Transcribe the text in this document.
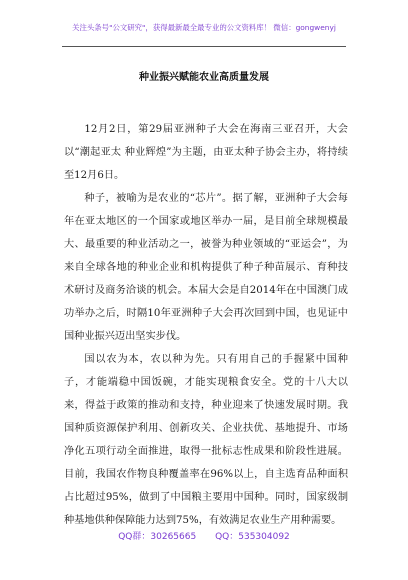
关注头条号"公文研究"，获得最新最全最专业的公文资料库！ 微信：gongwenyj
种业振兴赋能农业高质量发展

12月2日，第29届亚洲种子大会在海南三亚召开，大会以“潮起亚太 种业辉煌”为主题，由亚太种子协会主办，将持续至12月6日。

种子，被喻为是农业的“芯片”。据了解，亚洲种子大会每年在亚太地区的一个国家或地区举办一届，是目前全球规模最大、最重要的种业活动之一，被誉为种业领域的“亚运会”，为来自全球各地的种业企业和机构提供了种子种苗展示、育种技术研讨及商务洽谈的机会。本届大会是自2014年在中国澳门成功举办之后，时隔10年亚洲种子大会再次回到中国，也见证中国种业振兴迈出坚实步伐。

国以农为本，农以种为先。只有用自己的手握紧中国种子，才能端稳中国饭碗，才能实现粮食安全。党的十八大以来，得益于政策的推动和支持，种业迎来了快速发展时期。我国种质资源保护利用、创新攻关、企业扶优、基地提升、市场净化五项行动全面推进，取得一批标志性成果和阶段性进展。目前，我国农作物良种覆盖率在96%以上，自主选育品种面积占比超过95%，做到了中国粮主要用中国种。同时，国家级制种基地供种保障能力达到75%，有效满足农业生产用种需要。

QQ群：30265665 QQ：535304092
